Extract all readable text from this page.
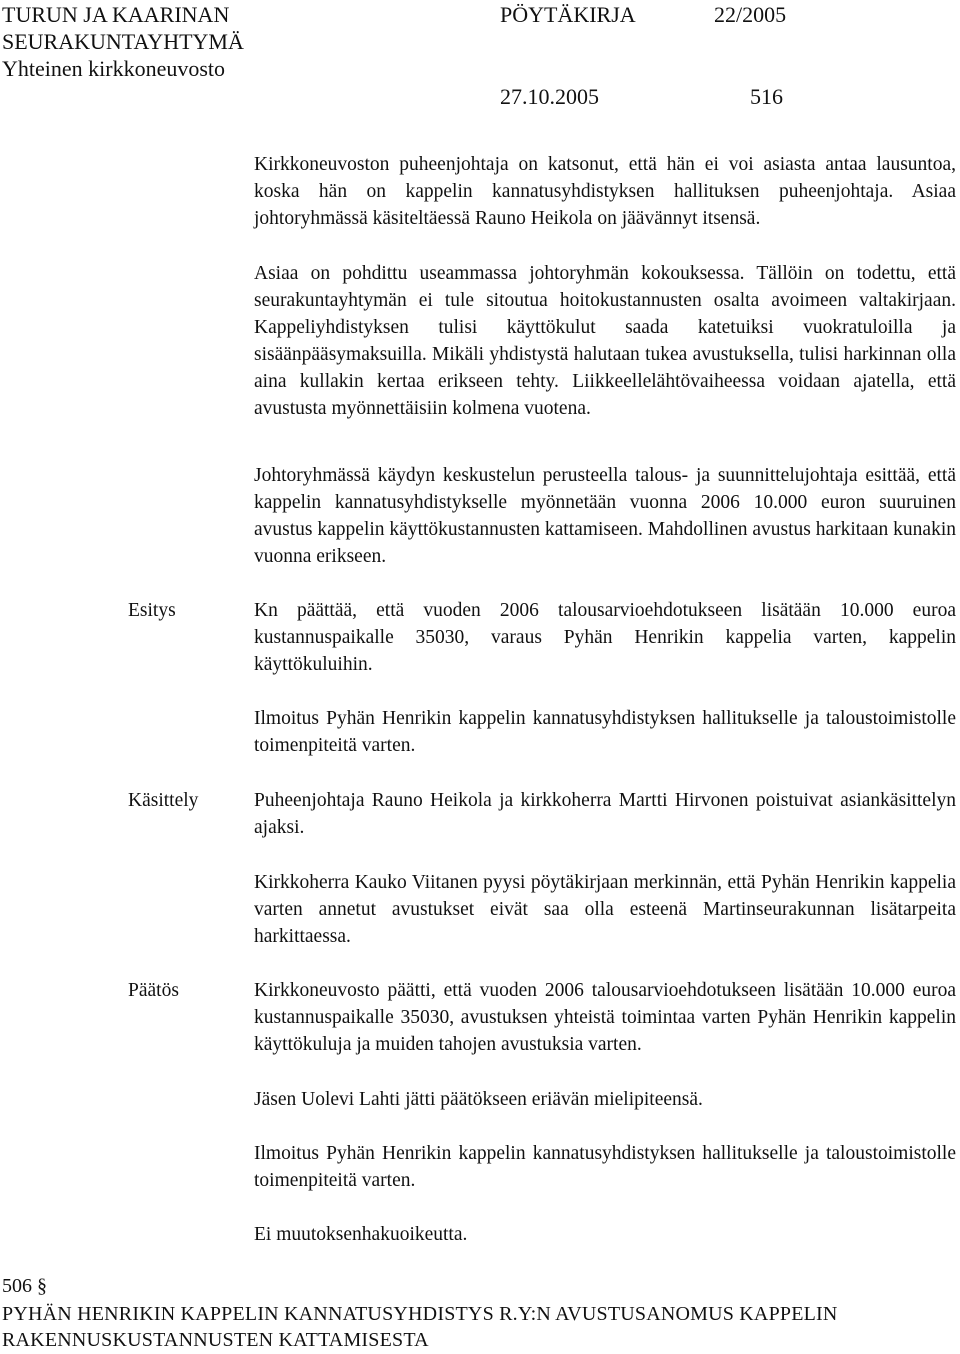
TURUN JA KAARINAN
SEURAKUNTAYHTYMÄ
Yhteinen kirkkoneuvosto
PÖYTÄKIRJA	22/2005
27.10.2005	516

Kirkkoneuvoston puheenjohtaja on katsonut, että hän ei voi asiasta antaa lausuntoa, koska hän on kappelin kannatusyhdistyksen hallituksen puheenjohtaja. Asiaa johtoryhmässä käsiteltäessä Rauno Heikola on jäävännyt itsensä.

Asiaa on pohdittu useammassa johtoryhmän kokouksessa. Tällöin on todettu, että seurakuntayhtymän ei tule sitoutua hoitokustannusten osalta avoimeen valtakirjaan. Kappeliyhdistyksen tulisi käyttökulut saada katetuiksi vuokratuloilla ja sisäänpääsymaksuilla. Mikäli yhdistystä halutaan tukea avustuksella, tulisi harkinnan olla aina kullakin kertaa erikseen tehty. Liikkeellelähtövaiheessa voidaan ajatella, että avustusta myönnettäisiin kolmena vuotena.

Johtoryhmässä käydyn keskustelun perusteella talous- ja suunnittelujohtaja esittää, että kappelin kannatusyhdistykselle myönnetään vuonna 2006 10.000 euron suuruinen avustus kappelin käyttökustannusten kattamiseen. Mahdollinen avustus harkitaan kunakin vuonna erikseen.

Esitys	Kn päättää, että vuoden 2006 talousarvioehdotukseen lisätään 10.000 euroa kustannuspaikalle 35030, varaus Pyhän Henrikin kappelia varten, kappelin käyttökuluihin.

Ilmoitus Pyhän Henrikin kappelin kannatusyhdistyksen hallitukselle ja taloustoimistolle toimenpiteitä varten.

Käsittely	Puheenjohtaja Rauno Heikola ja kirkkoherra Martti Hirvonen poistuivat asiankäsittelyn ajaksi.

Kirkkoherra Kauko Viitanen pyysi pöytäkirjaan merkinnän, että Pyhän Henrikin kappelia varten annetut avustukset eivät saa olla esteenä Martinseurakunnan lisätarpeita harkittaessa.

Päätös	Kirkkoneuvosto päätti, että vuoden 2006 talousarvioehdotukseen lisätään 10.000 euroa kustannuspaikalle 35030, avustuksen yhteistä toimintaa varten Pyhän Henrikin kappelin käyttökuluja ja muiden tahojen avustuksia varten.

Jäsen Uolevi Lahti jätti päätökseen eriävän mielipiteensä.

Ilmoitus Pyhän Henrikin kappelin kannatusyhdistyksen hallitukselle ja taloustoimistolle toimenpiteitä varten.

Ei muutoksenhakuoikeutta.

506 §
PYHÄN HENRIKIN KAPPELIN KANNATUSYHDISTYS R.Y:N AVUSTUSANOMUS KAPPELIN
RAKENNUSKUSTANNUSTEN KATTAMISESTA
